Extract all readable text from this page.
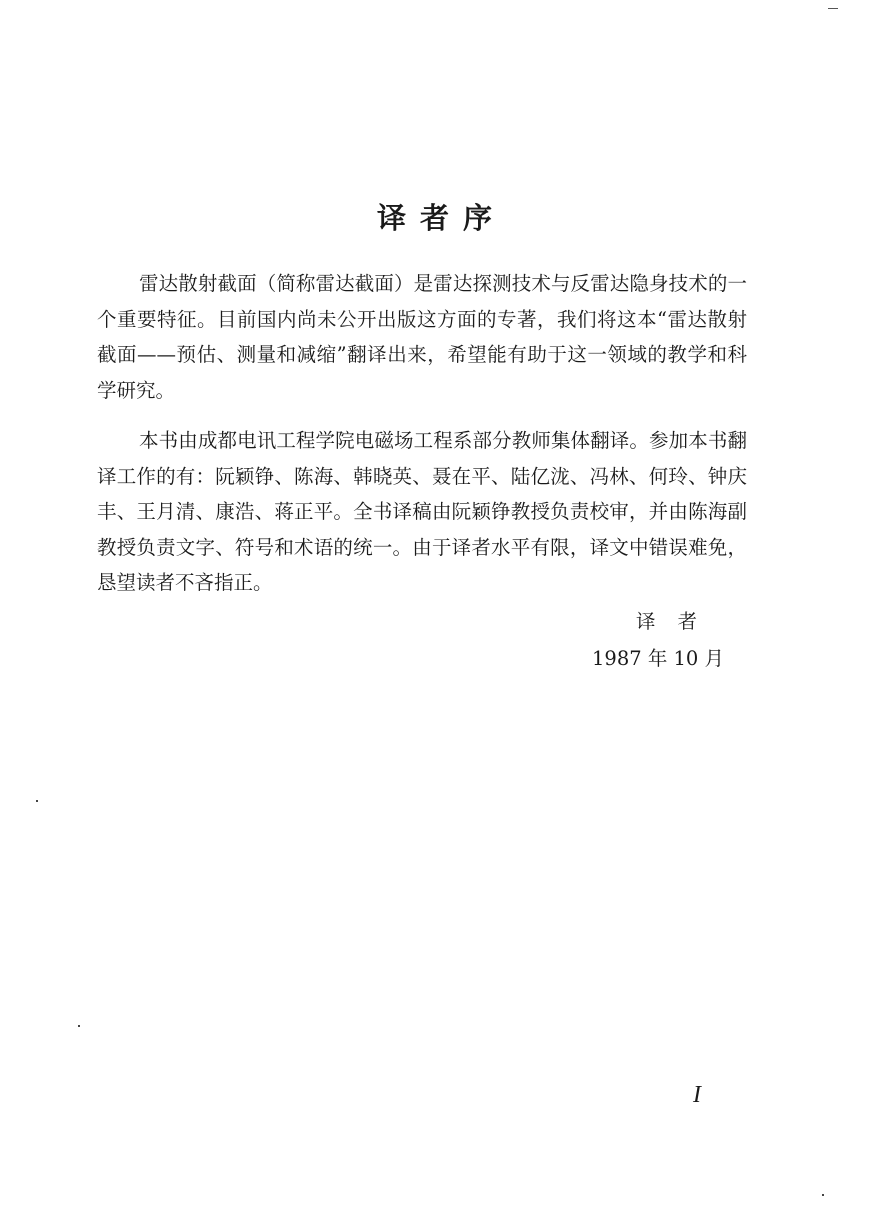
译者序

雷达散射截面（简称雷达截面）是雷达探测技术与反雷达隐身技术的一个重要特征。目前国内尚未公开出版这方面的专著，我们将这本“雷达散射截面——预估、测量和减缩”翻译出来，希望能有助于这一领域的教学和科学研究。

本书由成都电讯工程学院电磁场工程系部分教师集体翻译。参加本书翻译工作的有：阮颖铮、陈海、韩晓英、聂在平、陆亿泷、冯林、何玲、钟庆丰、王月清、康浩、蒋正平。全书译稿由阮颖铮教授负责校审，并由陈海副教授负责文字、符号和术语的统一。由于译者水平有限，译文中错误难免，恳望读者不吝指正。

译者
1987 年 10 月
I
